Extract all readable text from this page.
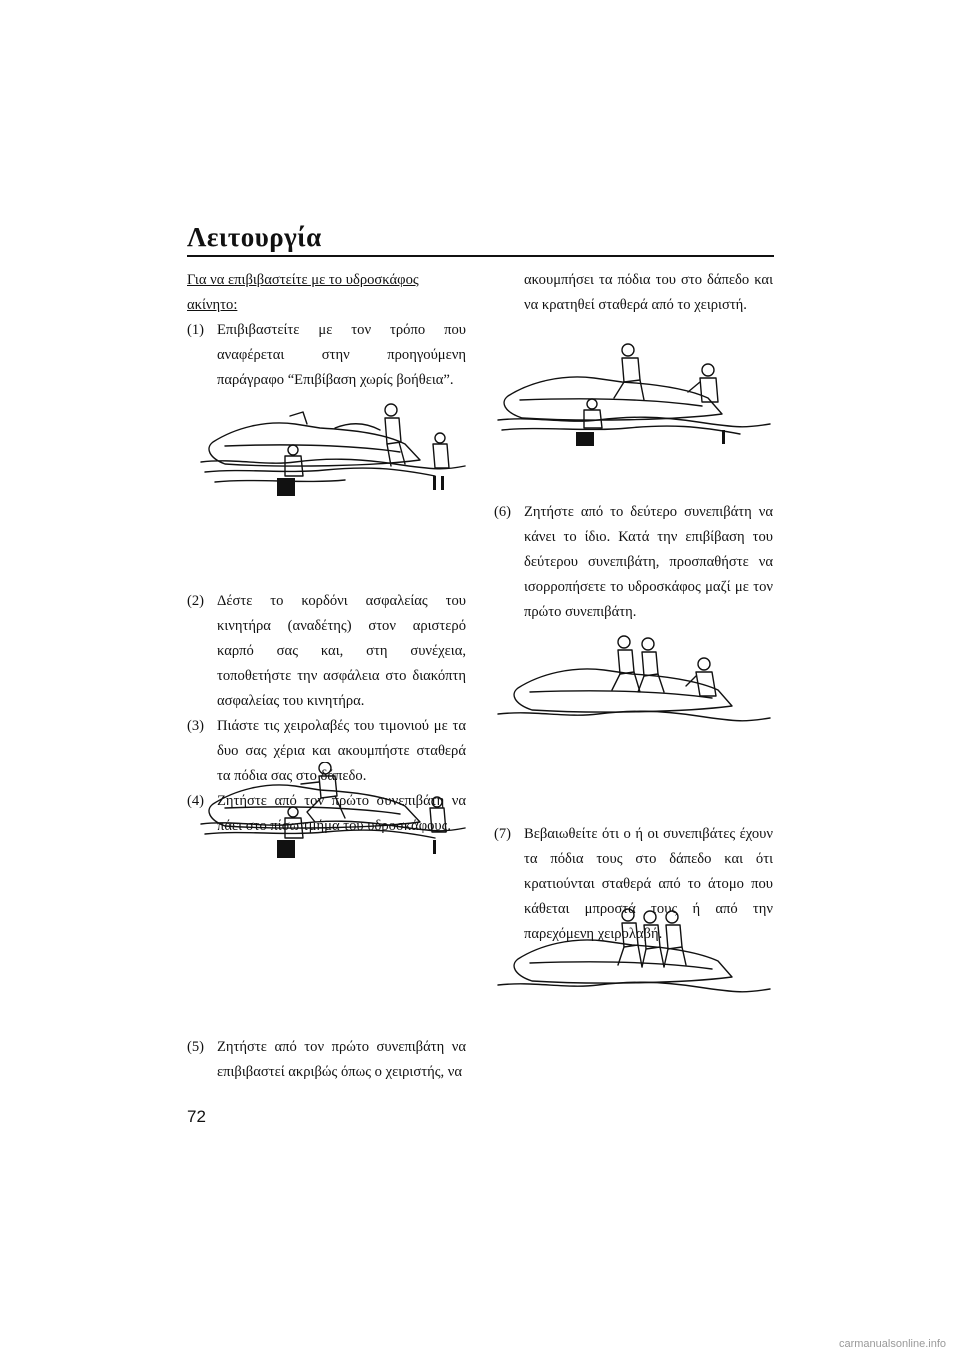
Λειτουργία

Για να επιβιβαστείτε με το υδροσκάφος ακίνητο:

(1) Επιβιβαστείτε με τον τρόπο που αναφέρεται στην προηγούμενη παράγραφο “Επιβίβαση χωρίς βοήθεια”.

(2) Δέστε το κορδόνι ασφαλείας του κινητήρα (αναδέτης) στον αριστερό καρπό σας και, στη συνέχεια, τοποθετήστε την ασφάλεια στο διακόπτη ασφαλείας του κινητήρα.

(3) Πιάστε τις χειρολαβές του τιμονιού με τα δυο σας χέρια και ακουμπήστε σταθερά τα πόδια σας στο δάπεδο.

(4) Ζητήστε από τον πρώτο συνεπιβάτη να πάει στο πίσω τμήμα του υδροσκάφους.

(5) Ζητήστε από τον πρώτο συνεπιβάτη να επιβιβαστεί ακριβώς όπως ο χειριστής, να

ακουμπήσει τα πόδια του στο δάπεδο και να κρατηθεί σταθερά από το χειριστή.

(6) Ζητήστε από το δεύτερο συνεπιβάτη να κάνει το ίδιο. Κατά την επιβίβαση του δεύτερου συνεπιβάτη, προσπαθήστε να ισορροπήσετε το υδροσκάφος μαζί με τον πρώτο συνεπιβάτη.

(7) Βεβαιωθείτε ότι ο ή οι συνεπιβάτες έχουν τα πόδια τους στο δάπεδο και ότι κρατιούνται σταθερά από το άτομο που κάθεται μπροστά τους ή από την παρεχόμενη χειρολαβή.

72
carmanualsonline.info
